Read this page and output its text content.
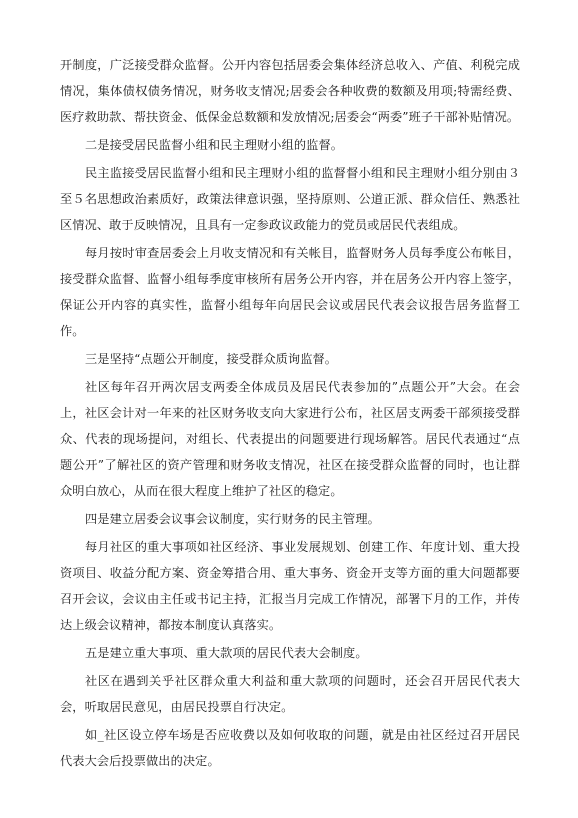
开制度，广泛接受群众监督。公开内容包括居委会集体经济总收入、产值、利税完成情况，集体债权债务情况，财务收支情况;居委会各种收费的数额及用项;特需经费、医疗救助款、帮扶资金、低保金总数额和发放情况;居委会“两委”班子干部补贴情况。

二是接受居民监督小组和民主理财小组的监督。

民主监接受居民监督小组和民主理财小组的监督督小组和民主理财小组分别由３至５名思想政治素质好，政策法律意识强，坚持原则、公道正派、群众信任、熟悉社区情况、敢于反映情况，且具有一定参政议政能力的党员或居民代表组成。

每月按时审查居委会上月收支情况和有关帐目，监督财务人员每季度公布帐目，接受群众监督、监督小组每季度审核所有居务公开内容，并在居务公开内容上签字，保证公开内容的真实性，监督小组每年向居民会议或居民代表会议报告居务监督工作。

三是坚持“点题公开制度，接受群众质询监督。

社区每年召开两次居支两委全体成员及居民代表参加的”点题公开”大会。在会上，社区会计对一年来的社区财务收支向大家进行公布，社区居支两委干部须接受群众、代表的现场提问，对组长、代表提出的问题要进行现场解答。居民代表通过“点题公开”了解社区的资产管理和财务收支情况，社区在接受群众监督的同时，也让群众明白放心，从而在很大程度上维护了社区的稳定。

四是建立居委会议事会议制度，实行财务的民主管理。

每月社区的重大事项如社区经济、事业发展规划、创建工作、年度计划、重大投资项目、收益分配方案、资金筹措合用、重大事务、资金开支等方面的重大问题都要召开会议，会议由主任或书记主持，汇报当月完成工作情况，部署下月的工作，并传达上级会议精神，都按本制度认真落实。

五是建立重大事项、重大款项的居民代表大会制度。

社区在遇到关乎社区群众重大利益和重大款项的问题时，还会召开居民代表大会，听取居民意见，由居民投票自行决定。

如_社区设立停车场是否应收费以及如何收取的问题，就是由社区经过召开居民代表大会后投票做出的决定。
